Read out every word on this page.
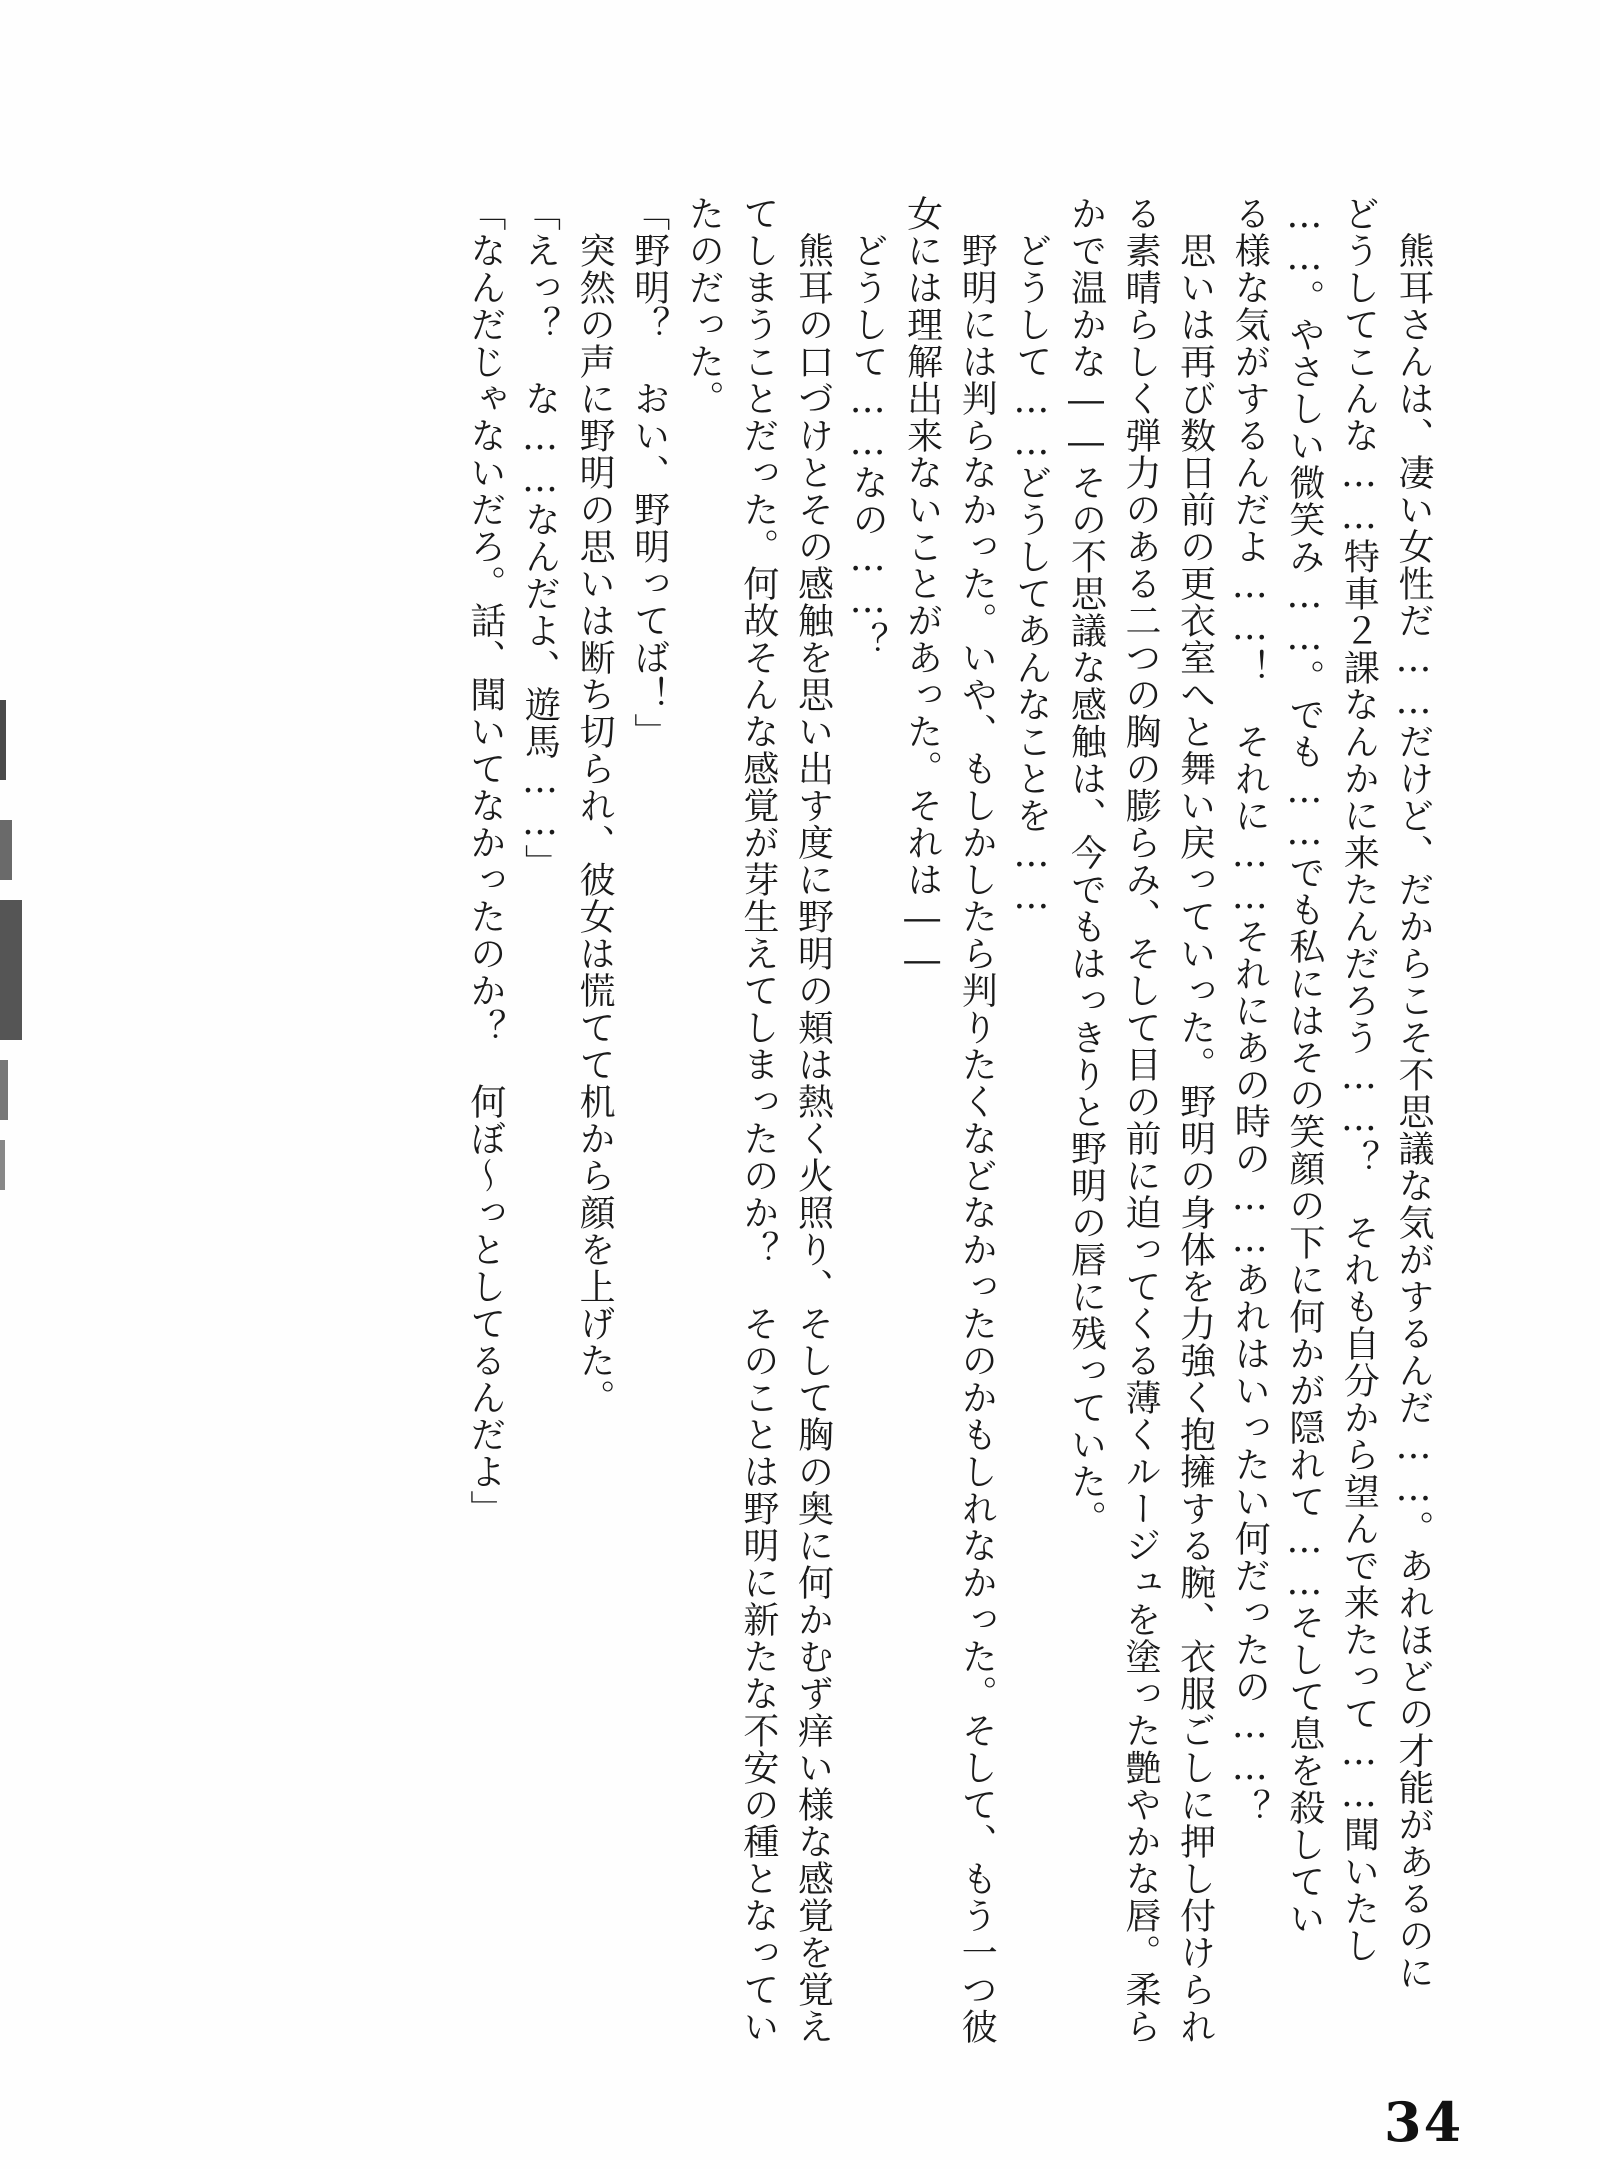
　熊耳さんは、凄い女性だ……だけど、だからこそ不思議な気がするんだ……。あれほどの才能があるのに
どうしてこんな……特車２課なんかに来たんだろう……？　それも自分から望んで来たって……聞いたし
……。やさしい微笑み……。でも……でも私にはその笑顔の下に何かが隠れて……そして息を殺してい
る様な気がするんだよ……！　それに……それにあの時の……あれはいったい何だったの……？
　思いは再び数日前の更衣室へと舞い戻っていった。野明の身体を力強く抱擁する腕、衣服ごしに押し付けられ
る素晴らしく弾力のある二つの胸の膨らみ、そして目の前に迫ってくる薄くルージュを塗った艶やかな唇。柔ら
かで温かな――その不思議な感触は、今でもはっきりと野明の唇に残っていた。
　どうして……どうしてあんなことを……
　野明には判らなかった。いや、もしかしたら判りたくなどなかったのかもしれなかった。そして、もう一つ彼
女には理解出来ないことがあった。それは――
　どうして……なの……？
　熊耳の口づけとその感触を思い出す度に野明の頬は熱く火照り、そして胸の奥に何かむず痒い様な感覚を覚え
てしまうことだった。何故そんな感覚が芽生えてしまったのか？　そのことは野明に新たな不安の種となってい
たのだった。
「野明？　おい、野明ってば！」
　突然の声に野明の思いは断ち切られ、彼女は慌てて机から顔を上げた。
「えっ？　な……なんだよ、遊馬……」
「なんだじゃないだろ。話、聞いてなかったのか？　何ぼ～っとしてるんだよ」
34
